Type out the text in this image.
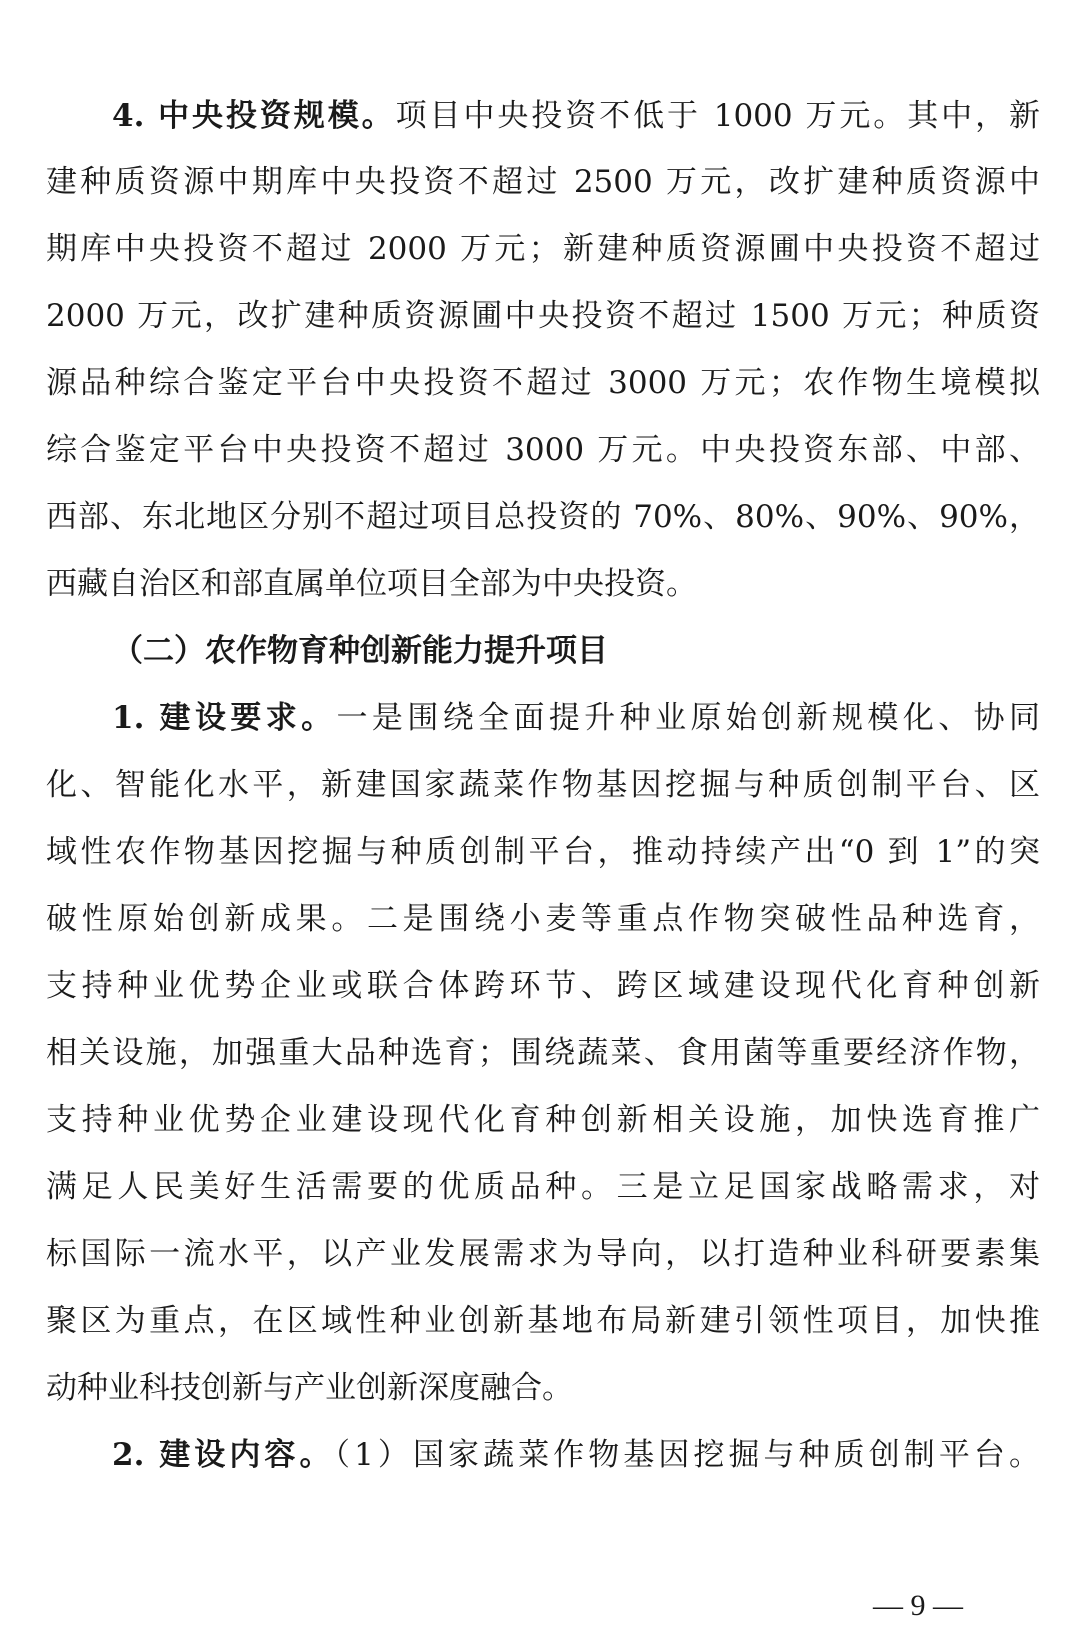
4. 中央投资规模。项目中央投资不低于 1000 万元。其中，新
建种质资源中期库中央投资不超过 2500 万元，改扩建种质资源中
期库中央投资不超过 2000 万元；新建种质资源圃中央投资不超过
2000 万元，改扩建种质资源圃中央投资不超过 1500 万元；种质资
源品种综合鉴定平台中央投资不超过 3000 万元；农作物生境模拟
综合鉴定平台中央投资不超过 3000 万元。中央投资东部、中部、
西部、东北地区分别不超过项目总投资的 70%、80%、90%、90%，
西藏自治区和部直属单位项目全部为中央投资。
（二）农作物育种创新能力提升项目
1. 建设要求。一是围绕全面提升种业原始创新规模化、协同
化、智能化水平，新建国家蔬菜作物基因挖掘与种质创制平台、区
域性农作物基因挖掘与种质创制平台，推动持续产出“0 到 1”的突
破性原始创新成果。二是围绕小麦等重点作物突破性品种选育，
支持种业优势企业或联合体跨环节、跨区域建设现代化育种创新
相关设施，加强重大品种选育；围绕蔬菜、食用菌等重要经济作物，
支持种业优势企业建设现代化育种创新相关设施，加快选育推广
满足人民美好生活需要的优质品种。三是立足国家战略需求，对
标国际一流水平，以产业发展需求为导向，以打造种业科研要素集
聚区为重点，在区域性种业创新基地布局新建引领性项目，加快推
动种业科技创新与产业创新深度融合。
2. 建设内容。（1）国家蔬菜作物基因挖掘与种质创制平台。
— 9 —
